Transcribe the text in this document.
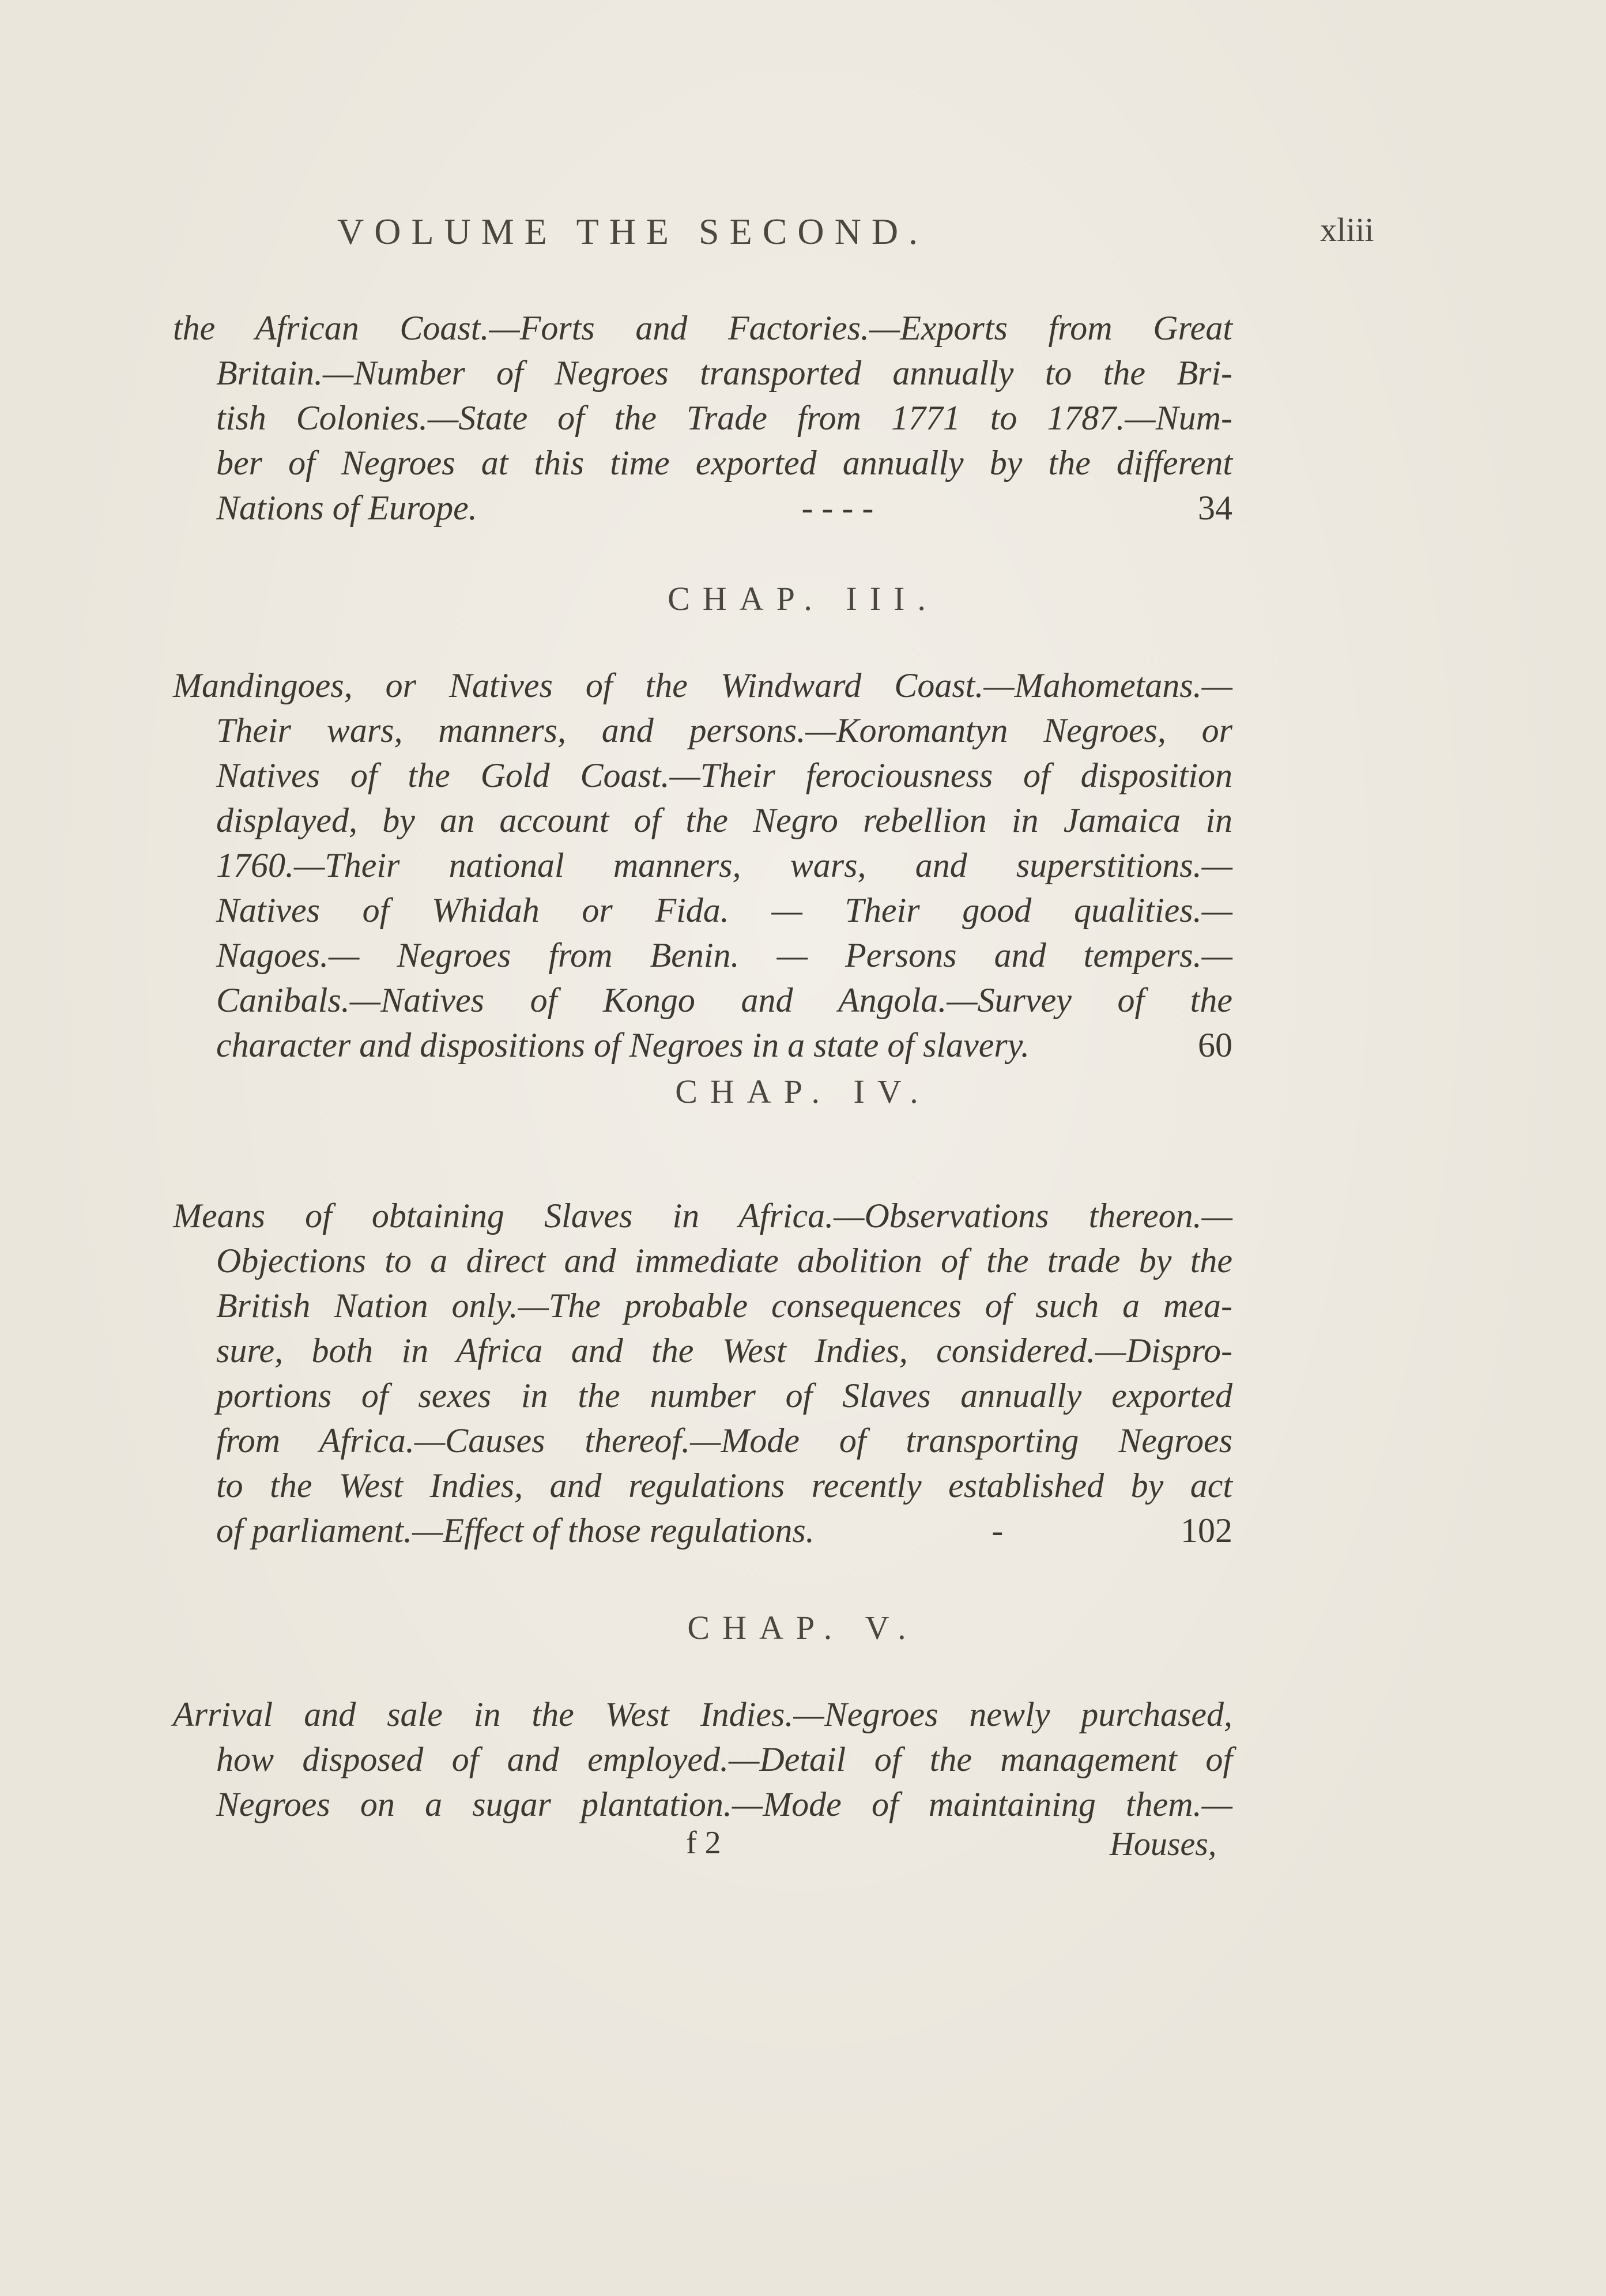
VOLUME THE SECOND.	xliii
the African Coast.—Forts and Factories.—Exports from Great
Britain.—Number of Negroes transported annually to the Bri-
tish Colonies.—State of the Trade from 1771 to 1787.—Num-
ber of Negroes at this time exported annually by the different
Nations of Europe.	- - - -	34
CHAP. III.
Mandingoes, or Natives of the Windward Coast.—Mahometans.—
Their wars, manners, and persons.—Koromantyn Negroes, or
Natives of the Gold Coast.—Their ferociousness of disposition
displayed, by an account of the Negro rebellion in Jamaica in
1760.—Their national manners, wars, and superstitions.—
Natives of Whidah or Fida. — Their good qualities.—
Nagoes.— Negroes from Benin. — Persons and tempers.—
Canibals.—Natives of Kongo and Angola.—Survey of the
character and dispositions of Negroes in a state of slavery.	60
CHAP. IV.
Means of obtaining Slaves in Africa.—Observations thereon.—
Objections to a direct and immediate abolition of the trade by the
British Nation only.—The probable consequences of such a mea-
sure, both in Africa and the West Indies, considered.—Dispro-
portions of sexes in the number of Slaves annually exported
from Africa.—Causes thereof.—Mode of transporting Negroes
to the West Indies, and regulations recently established by act
of parliament.—Effect of those regulations.	-	102
CHAP. V.
Arrival and sale in the West Indies.—Negroes newly purchased,
how disposed of and employed.—Detail of the management of
Negroes on a sugar plantation.—Mode of maintaining them.—
f 2	Houses,
